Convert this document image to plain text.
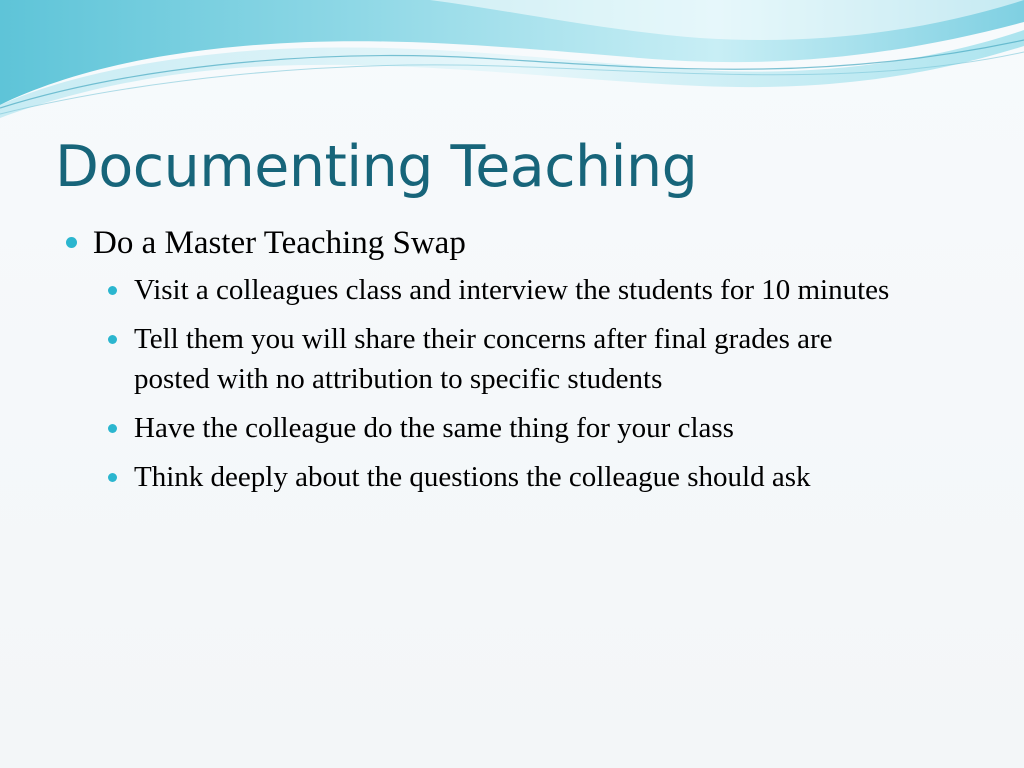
Documenting Teaching
Do a Master Teaching Swap
Visit a colleagues class and interview the students for 10 minutes
Tell them you will share their concerns after final grades are posted with no attribution to specific students
Have the colleague do the same thing for your class
Think deeply about the questions the colleague should ask
